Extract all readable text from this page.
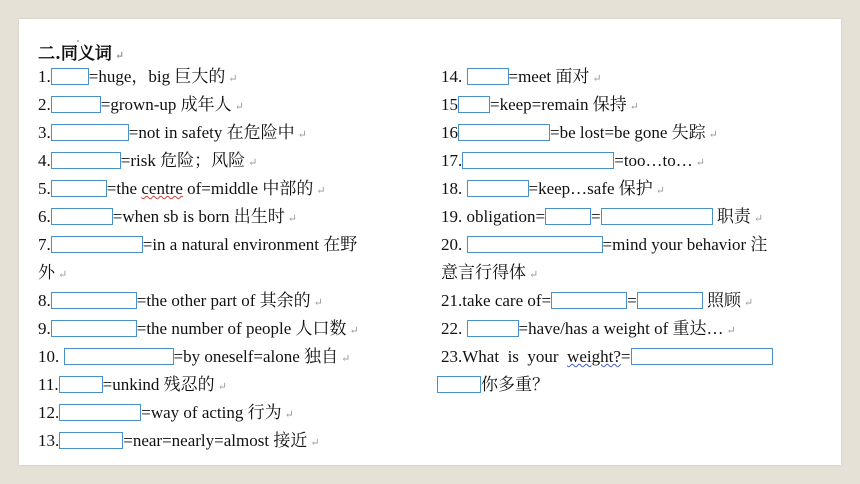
二.同义词 ↵
1. =huge，big 巨大的 ↵
2.	=grown-up 成年人 ↵
3.	=not in safety 在危险中 ↵
4.	=risk 危险；风险 ↵
5.	=the centre of=middle 中部的 ↵
6.	=when sb is born 出生时 ↵
7.	=in a natural environment 在野
外 ↵
8.	=the other part of 其余的 ↵
9.	=the number of people 人口数 ↵
10.	=by oneself=alone 独自 ↵
11.	=unkind 残忍的 ↵
12.	=way of acting 行为 ↵
13.	=near=nearly=almost 接近 ↵
14. =meet 面对 ↵
15 =keep=remain 保持 ↵
16	=be lost=be gone 失踪 ↵
17.	=too…to… ↵
18.	=keep…safe 保护 ↵
19. obligation=	=	职责 ↵
20.	=mind your behavior 注
意言行得体 ↵
21.take care of=	=	照顾 ↵
22.	=have/has a weight of 重达… ↵
23.What  is  your  weight?=
你多重？
